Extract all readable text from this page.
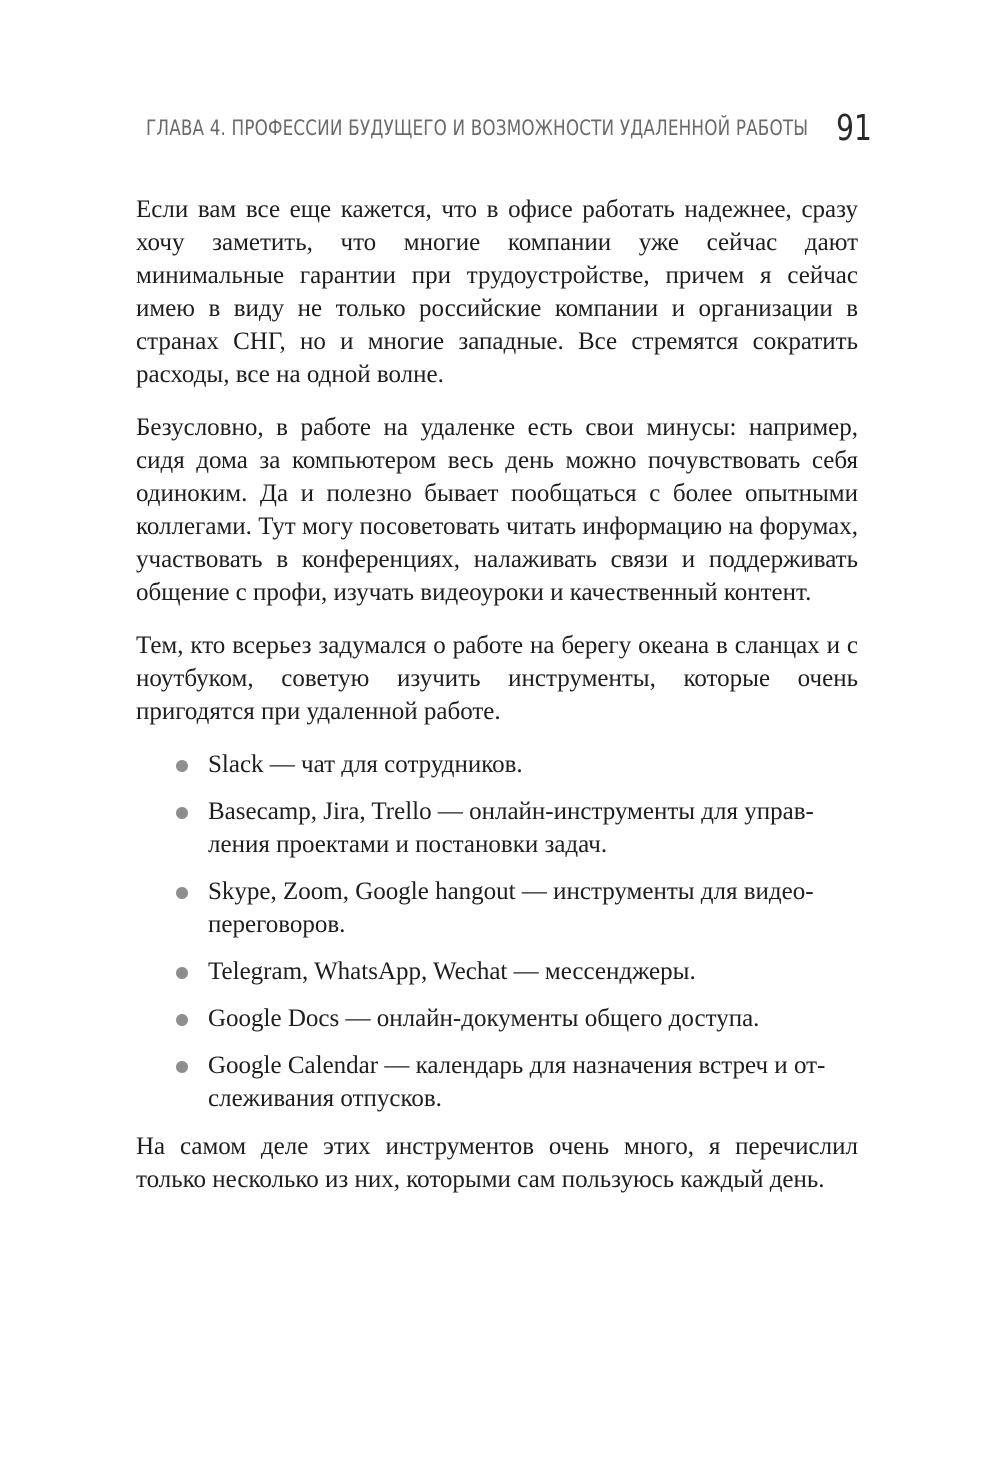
ГЛАВА 4. ПРОФЕССИИ БУДУЩЕГО И ВОЗМОЖНОСТИ УДАЛЕННОЙ РАБОТЫ 91

Если вам все еще кажется, что в офисе работать надежнее, сразу хочу заметить, что многие компании уже сейчас дают минимальные гарантии при трудоустройстве, причем я сейчас имею в виду не только российские компании и организации в странах СНГ, но и многие западные. Все стремятся сократить расходы, все на одной волне.

Безусловно, в работе на удаленке есть свои минусы: например, сидя дома за компьютером весь день можно почувствовать себя одиноким. Да и полезно бывает пообщаться с более опытными коллегами. Тут могу посоветовать читать информацию на форумах, участвовать в конференциях, налаживать связи и поддерживать общение с профи, изучать видеоуроки и качественный контент.

Тем, кто всерьез задумался о работе на берегу океана в сланцах и с ноутбуком, советую изучить инструменты, которые очень пригодятся при удаленной работе.

Slack — чат для сотрудников.
Basecamp, Jira, Trello — онлайн-инструменты для управления проектами и постановки задач.
Skype, Zoom, Google hangout — инструменты для видеопереговоров.
Telegram, WhatsApp, Wechat — мессенджеры.
Google Docs — онлайн-документы общего доступа.
Google Calendar — календарь для назначения встреч и отслеживания отпусков.

На самом деле этих инструментов очень много, я перечислил только несколько из них, которыми сам пользуюсь каждый день.
